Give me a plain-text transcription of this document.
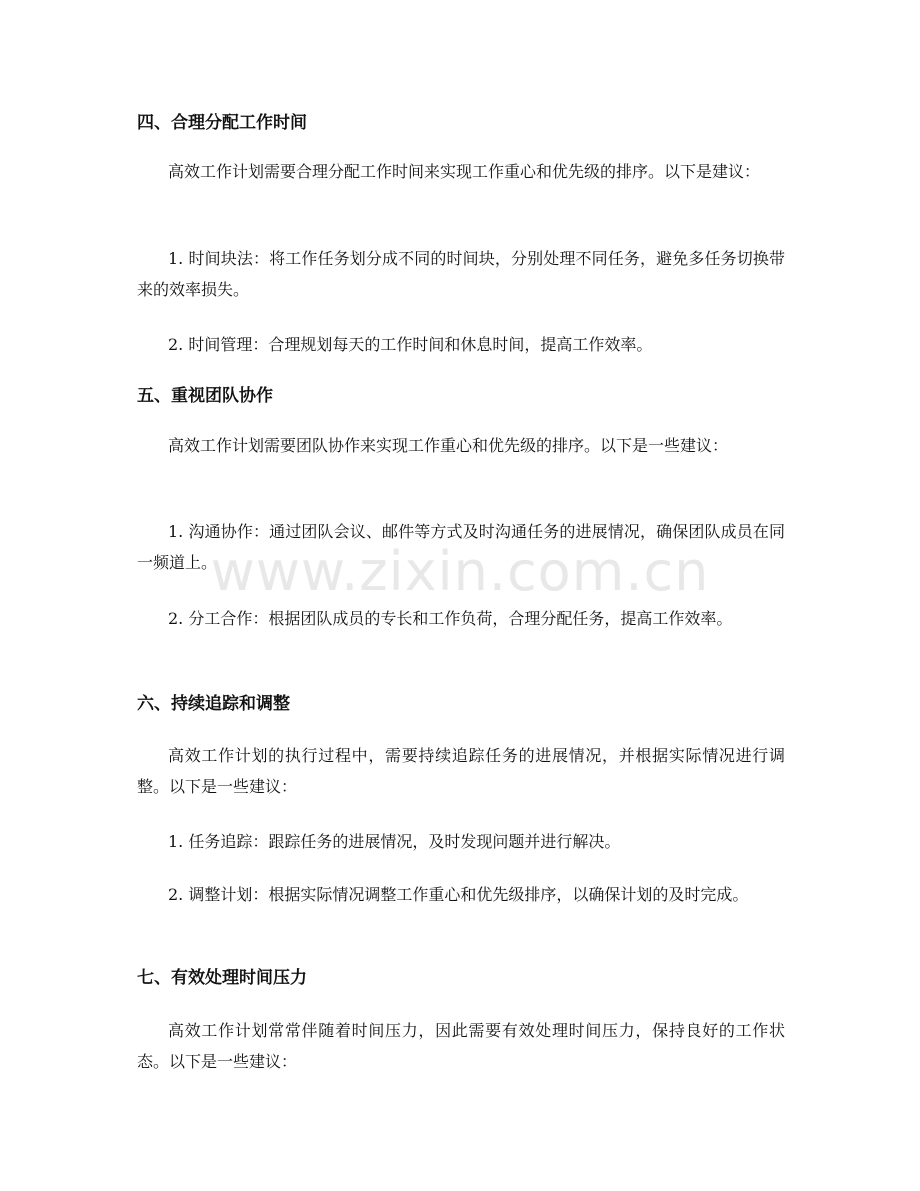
四、合理分配工作时间

高效工作计划需要合理分配工作时间来实现工作重心和优先级的排序。以下是建议：

1. 时间块法：将工作任务划分成不同的时间块，分别处理不同任务，避免多任务切换带来的效率损失。

2. 时间管理：合理规划每天的工作时间和休息时间，提高工作效率。

五、重视团队协作

高效工作计划需要团队协作来实现工作重心和优先级的排序。以下是一些建议：

1. 沟通协作：通过团队会议、邮件等方式及时沟通任务的进展情况，确保团队成员在同一频道上。

2. 分工合作：根据团队成员的专长和工作负荷，合理分配任务，提高工作效率。

六、持续追踪和调整

高效工作计划的执行过程中，需要持续追踪任务的进展情况，并根据实际情况进行调整。以下是一些建议：

1. 任务追踪：跟踪任务的进展情况，及时发现问题并进行解决。

2. 调整计划：根据实际情况调整工作重心和优先级排序，以确保计划的及时完成。

七、有效处理时间压力

高效工作计划常常伴随着时间压力，因此需要有效处理时间压力，保持良好的工作状态。以下是一些建议：

www.zixin.com.cn
